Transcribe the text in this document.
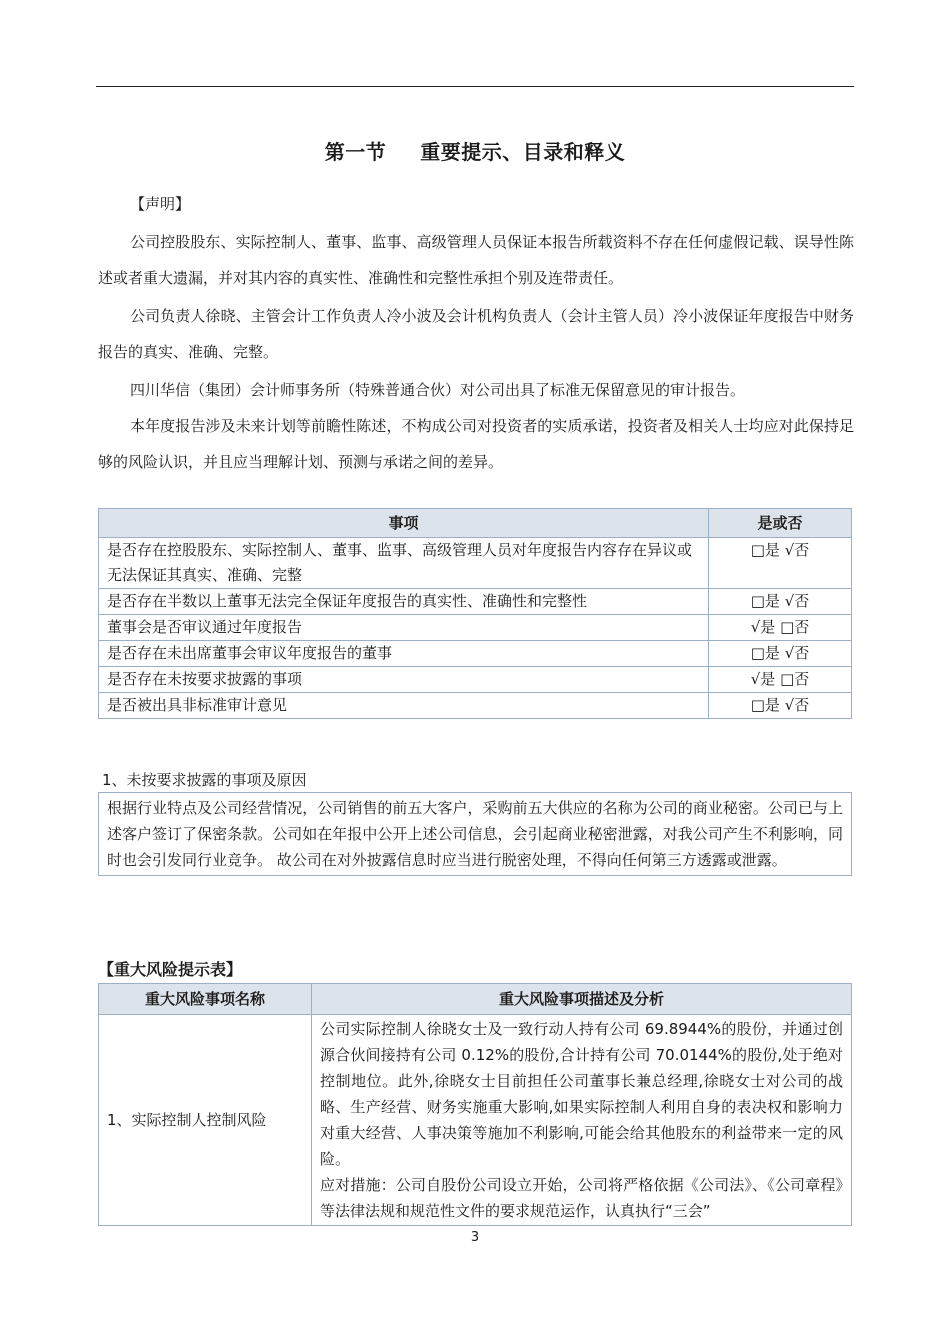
第一节 重要提示、目录和释义
【声明】
公司控股股东、实际控制人、董事、监事、高级管理人员保证本报告所载资料不存在任何虚假记载、误导性陈述或者重大遗漏，并对其内容的真实性、准确性和完整性承担个别及连带责任。
公司负责人徐晓、主管会计工作负责人冷小波及会计机构负责人（会计主管人员）冷小波保证年度报告中财务报告的真实、准确、完整。
四川华信（集团）会计师事务所（特殊普通合伙）对公司出具了标准无保留意见的审计报告。
本年度报告涉及未来计划等前瞻性陈述，不构成公司对投资者的实质承诺，投资者及相关人士均应对此保持足够的风险认识，并且应当理解计划、预测与承诺之间的差异。
事项	是或否
是否存在控股股东、实际控制人、董事、监事、高级管理人员对年度报告内容存在异议或无法保证其真实、准确、完整	□是 √否
是否存在半数以上董事无法完全保证年度报告的真实性、准确性和完整性	□是 √否
董事会是否审议通过年度报告	√是 □否
是否存在未出席董事会审议年度报告的董事	□是 √否
是否存在未按要求披露的事项	√是 □否
是否被出具非标准审计意见	□是 √否
1、未按要求披露的事项及原因
根据行业特点及公司经营情况，公司销售的前五大客户，采购前五大供应的名称为公司的商业秘密。公司已与上述客户签订了保密条款。公司如在年报中公开上述公司信息，会引起商业秘密泄露，对我公司产生不利影响，同时也会引发同行业竞争。 故公司在对外披露信息时应当进行脱密处理，不得向任何第三方透露或泄露。
【重大风险提示表】
重大风险事项名称	重大风险事项描述及分析
1、实际控制人控制风险	公司实际控制人徐晓女士及一致行动人持有公司 69.8944%的股份，并通过创源合伙间接持有公司 0.12%的股份,合计持有公司 70.0144%的股份,处于绝对控制地位。此外,徐晓女士目前担任公司董事长兼总经理,徐晓女士对公司的战略、生产经营、财务实施重大影响,如果实际控制人利用自身的表决权和影响力对重大经营、人事决策等施加不利影响,可能会给其他股东的利益带来一定的风险。
应对措施：公司自股份公司设立开始，公司将严格依据《公司法》、《公司章程》等法律法规和规范性文件的要求规范运作，认真执行“三会”
3
